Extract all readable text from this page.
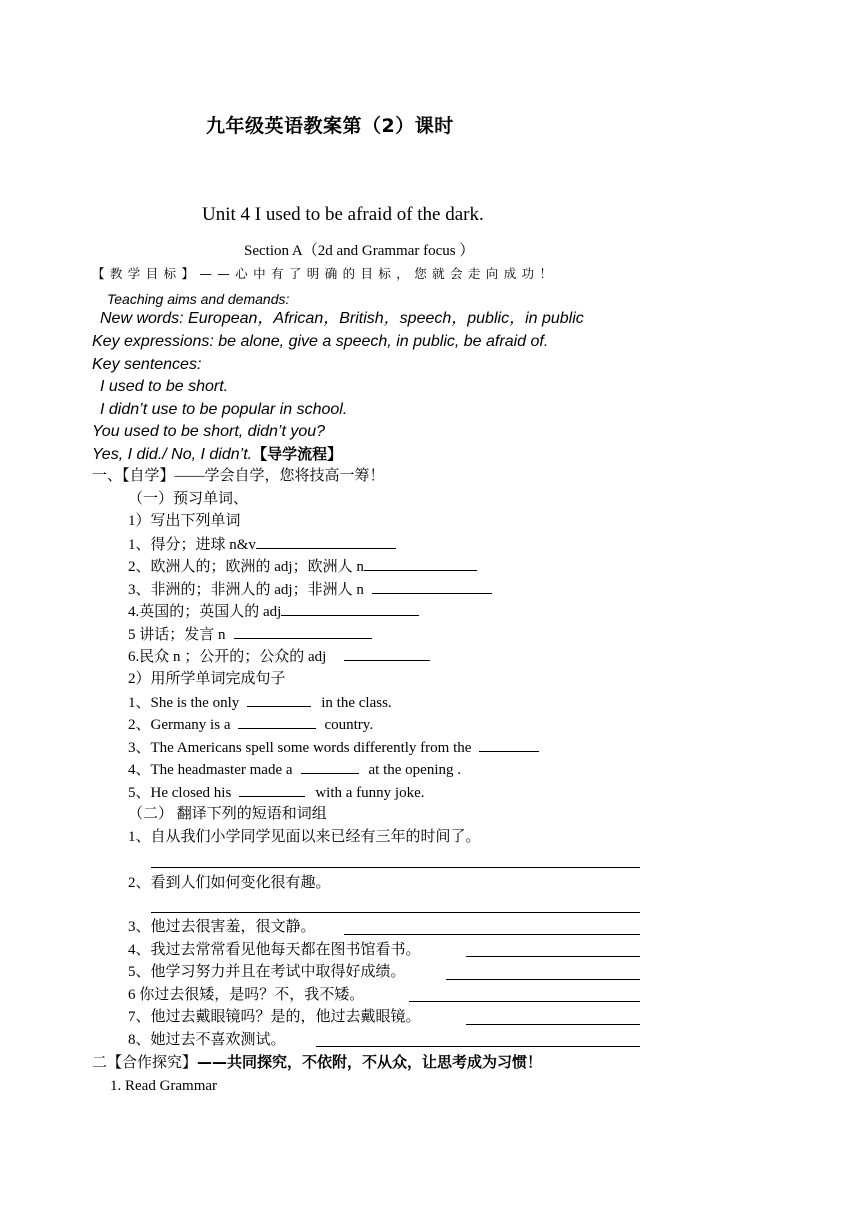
九年级英语教案第（2）课时
Unit 4 I used to be afraid of the dark.
Section A（2d and Grammar focus ）
【教学目标】——心中有了明确的目标，您就会走向成功！
Teaching aims and demands:
New words: European，African，British，speech，public，in public
Key expressions: be alone, give a speech, in public, be afraid of.
Key sentences:
I used to be short.
I didn’t use to be popular in school.
You used to be short, didn’t you?
Yes, I did./ No, I didn’t.【导学流程】
一、【自学】——学会自学，您将技高一筹！
（一）预习单词、
1）写出下列单词
1、得分；进球 n&v
2、欧洲人的；欧洲的 adj；欧洲人 n
3、非洲的；非洲人的 adj；非洲人 n
4.英国的；英国人的 adj
5 讲话；发言 n
6.民众 n ；公开的；公众的 adj
2）用所学单词完成句子
1、She is the only	in the class.
2、Germany is a	country.
3、The Americans spell some words differently from the
4、The headmaster made a	at the opening .
5、He closed his	with a funny joke.
（二） 翻译下列的短语和词组
1、自从我们小学同学见面以来已经有三年的时间了。
2、看到人们如何变化很有趣。
3、他过去很害羞，很文静。
4、我过去常常看见他每天都在图书馆看书。
5、他学习努力并且在考试中取得好成绩。
6 你过去很矮，是吗？不，我不矮。
7、他过去戴眼镜吗？是的，他过去戴眼镜。
8、她过去不喜欢测试。
二【合作探究】——共同探究，不依附，不从众，让思考成为习惯！
1. Read Grammar
